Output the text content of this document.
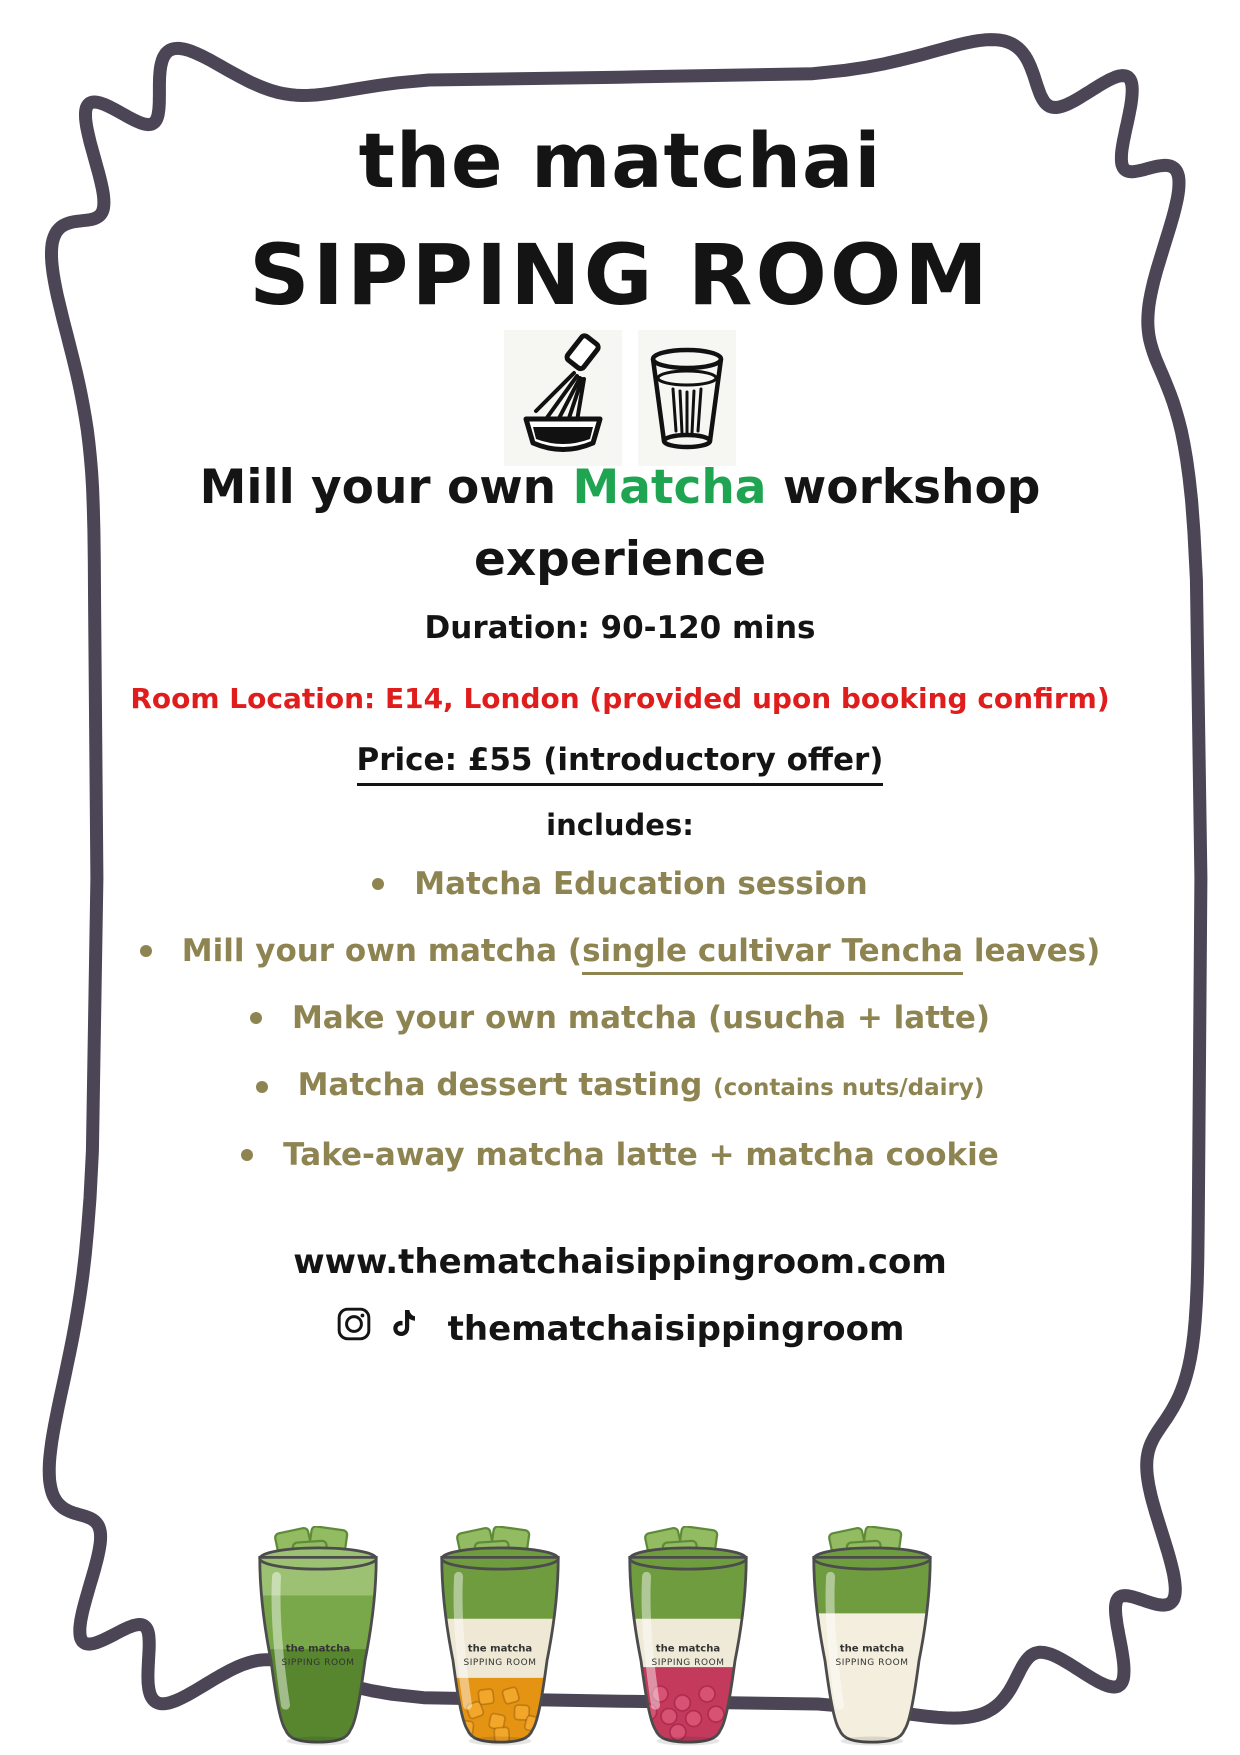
the matchai
SIPPING ROOM
Mill your own Matcha workshop
experience
Duration: 90-120 mins
Room Location: E14, London (provided upon booking confirm)
Price: £55 (introductory offer)
includes:
Matcha Education session
Mill your own matcha (single cultivar Tencha leaves)
Make your own matcha (usucha + latte)
Matcha dessert tasting (contains nuts/dairy)
Take-away matcha latte + matcha cookie
www.thematchaisippingroom.com
thematchaisippingroom
the matcha
SIPPING ROOM
the matcha
SIPPING ROOM
the matcha
SIPPING ROOM
the matcha
SIPPING ROOM
